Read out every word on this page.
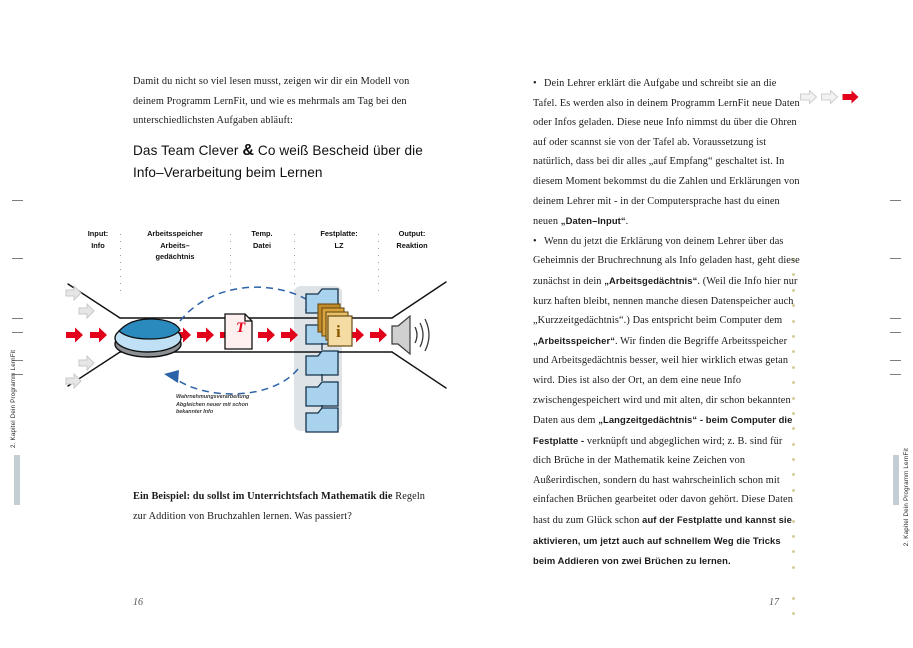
2. Kapitel Dein Programm LernFit
2. Kapitel Dein Programm LernFit

Damit du nicht so viel lesen musst, zeigen wir dir ein Modell von deinem Programm LernFit, und wie es mehrmals am Tag bei den unterschiedlichsten Aufgaben abläuft:

Das Team Clever & Co weiß Bescheid über die
Info–Verarbeitung beim Lernen
Input:
Info
Arbeitsspeicher
Arbeits–
gedächtnis
Temp.
Datei
Festplatte:
LZ
Output:
Reaktion
Wahrnehmungsverarbeitung
Abgleichen neuer mit schon
bekannter Info
T	i

Ein Beispiel: du sollst im Unterrichtsfach Mathematik die Regeln zur Addition von Bruchzahlen lernen. Was passiert?

16

• Dein Lehrer erklärt die Aufgabe und schreibt sie an die Tafel. Es werden also in deinem Programm LernFit neue Daten oder Infos geladen. Diese neue Info nimmst du über die Ohren auf oder scannst sie von der Tafel ab. Voraussetzung ist natürlich, dass bei dir alles „auf Empfang“ geschaltet ist. In diesem Moment bekommst du die Zahlen und Erklärungen von deinem Lehrer mit - in der Computersprache hast du einen neuen „Daten–Input“.

• Wenn du jetzt die Erklärung von deinem Lehrer über das Geheimnis der Bruchrechnung als Info geladen hast, geht diese zunächst in dein „Arbeitsgedächtnis“. (Weil die Info hier nur kurz haften bleibt, nennen manche diesen Datenspeicher auch „Kurzzeitgedächtnis“.) Das entspricht beim Computer dem „Arbeitsspeicher“. Wir finden die Begriffe Arbeitsspeicher und Arbeitsgedächtnis besser, weil hier wirklich etwas getan wird. Dies ist also der Ort, an dem eine neue Info zwischengespeichert wird und mit alten, dir schon bekannten Daten aus dem „Langzeitgedächtnis“ - beim Computer die Festplatte - verknüpft und abgeglichen wird; z. B. sind für dich Brüche in der Mathematik keine Zeichen von Außerirdischen, sondern du hast wahrscheinlich schon mit einfachen Brüchen gearbeitet oder davon gehört. Diese Daten hast du zum Glück schon auf der Festplatte und kannst sie aktivieren, um jetzt auch auf schnellem Weg die Tricks beim Addieren von zwei Brüchen zu lernen.

17
